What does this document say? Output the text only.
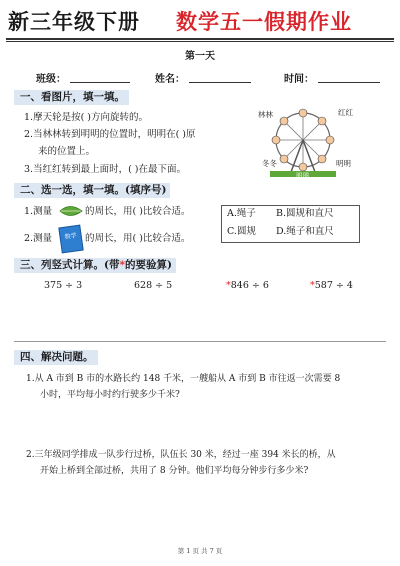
新三年级下册 数学五一假期作业
第一天
班级：	姓名：	时间：
一、看图片，填一填。
1.摩天轮是按( )方向旋转的。
2.当林林转到明明的位置时，明明在( )原
来的位置上。
3.当红红转到最上面时，( )在最下面。
林林	红红
冬冬	明明
丽丽
二、选一选，填一填。(填序号)
1.测量	的周长，用( )比较合适。
2.测量	数学 的周长，用( )比较合适。
A.绳子 B.圆规和直尺
C.圆规 D.绳子和直尺
三、列竖式计算。(带*的要验算)
375 ÷ 3	628 ÷ 5	*846 ÷ 6	*587 ÷ 4
四、解决问题。
1.从 A 市到 B 市的水路长约 148 千米，一艘船从 A 市到 B 市往返一次需要 8
小时，平均每小时约行驶多少千米?
2.三年级同学排成一队步行过桥，队伍长 30 米，经过一座 394 米长的桥，从
开始上桥到全部过桥，共用了 8 分钟。他们平均每分钟步行多少米?
第 1 页 共 7 页
